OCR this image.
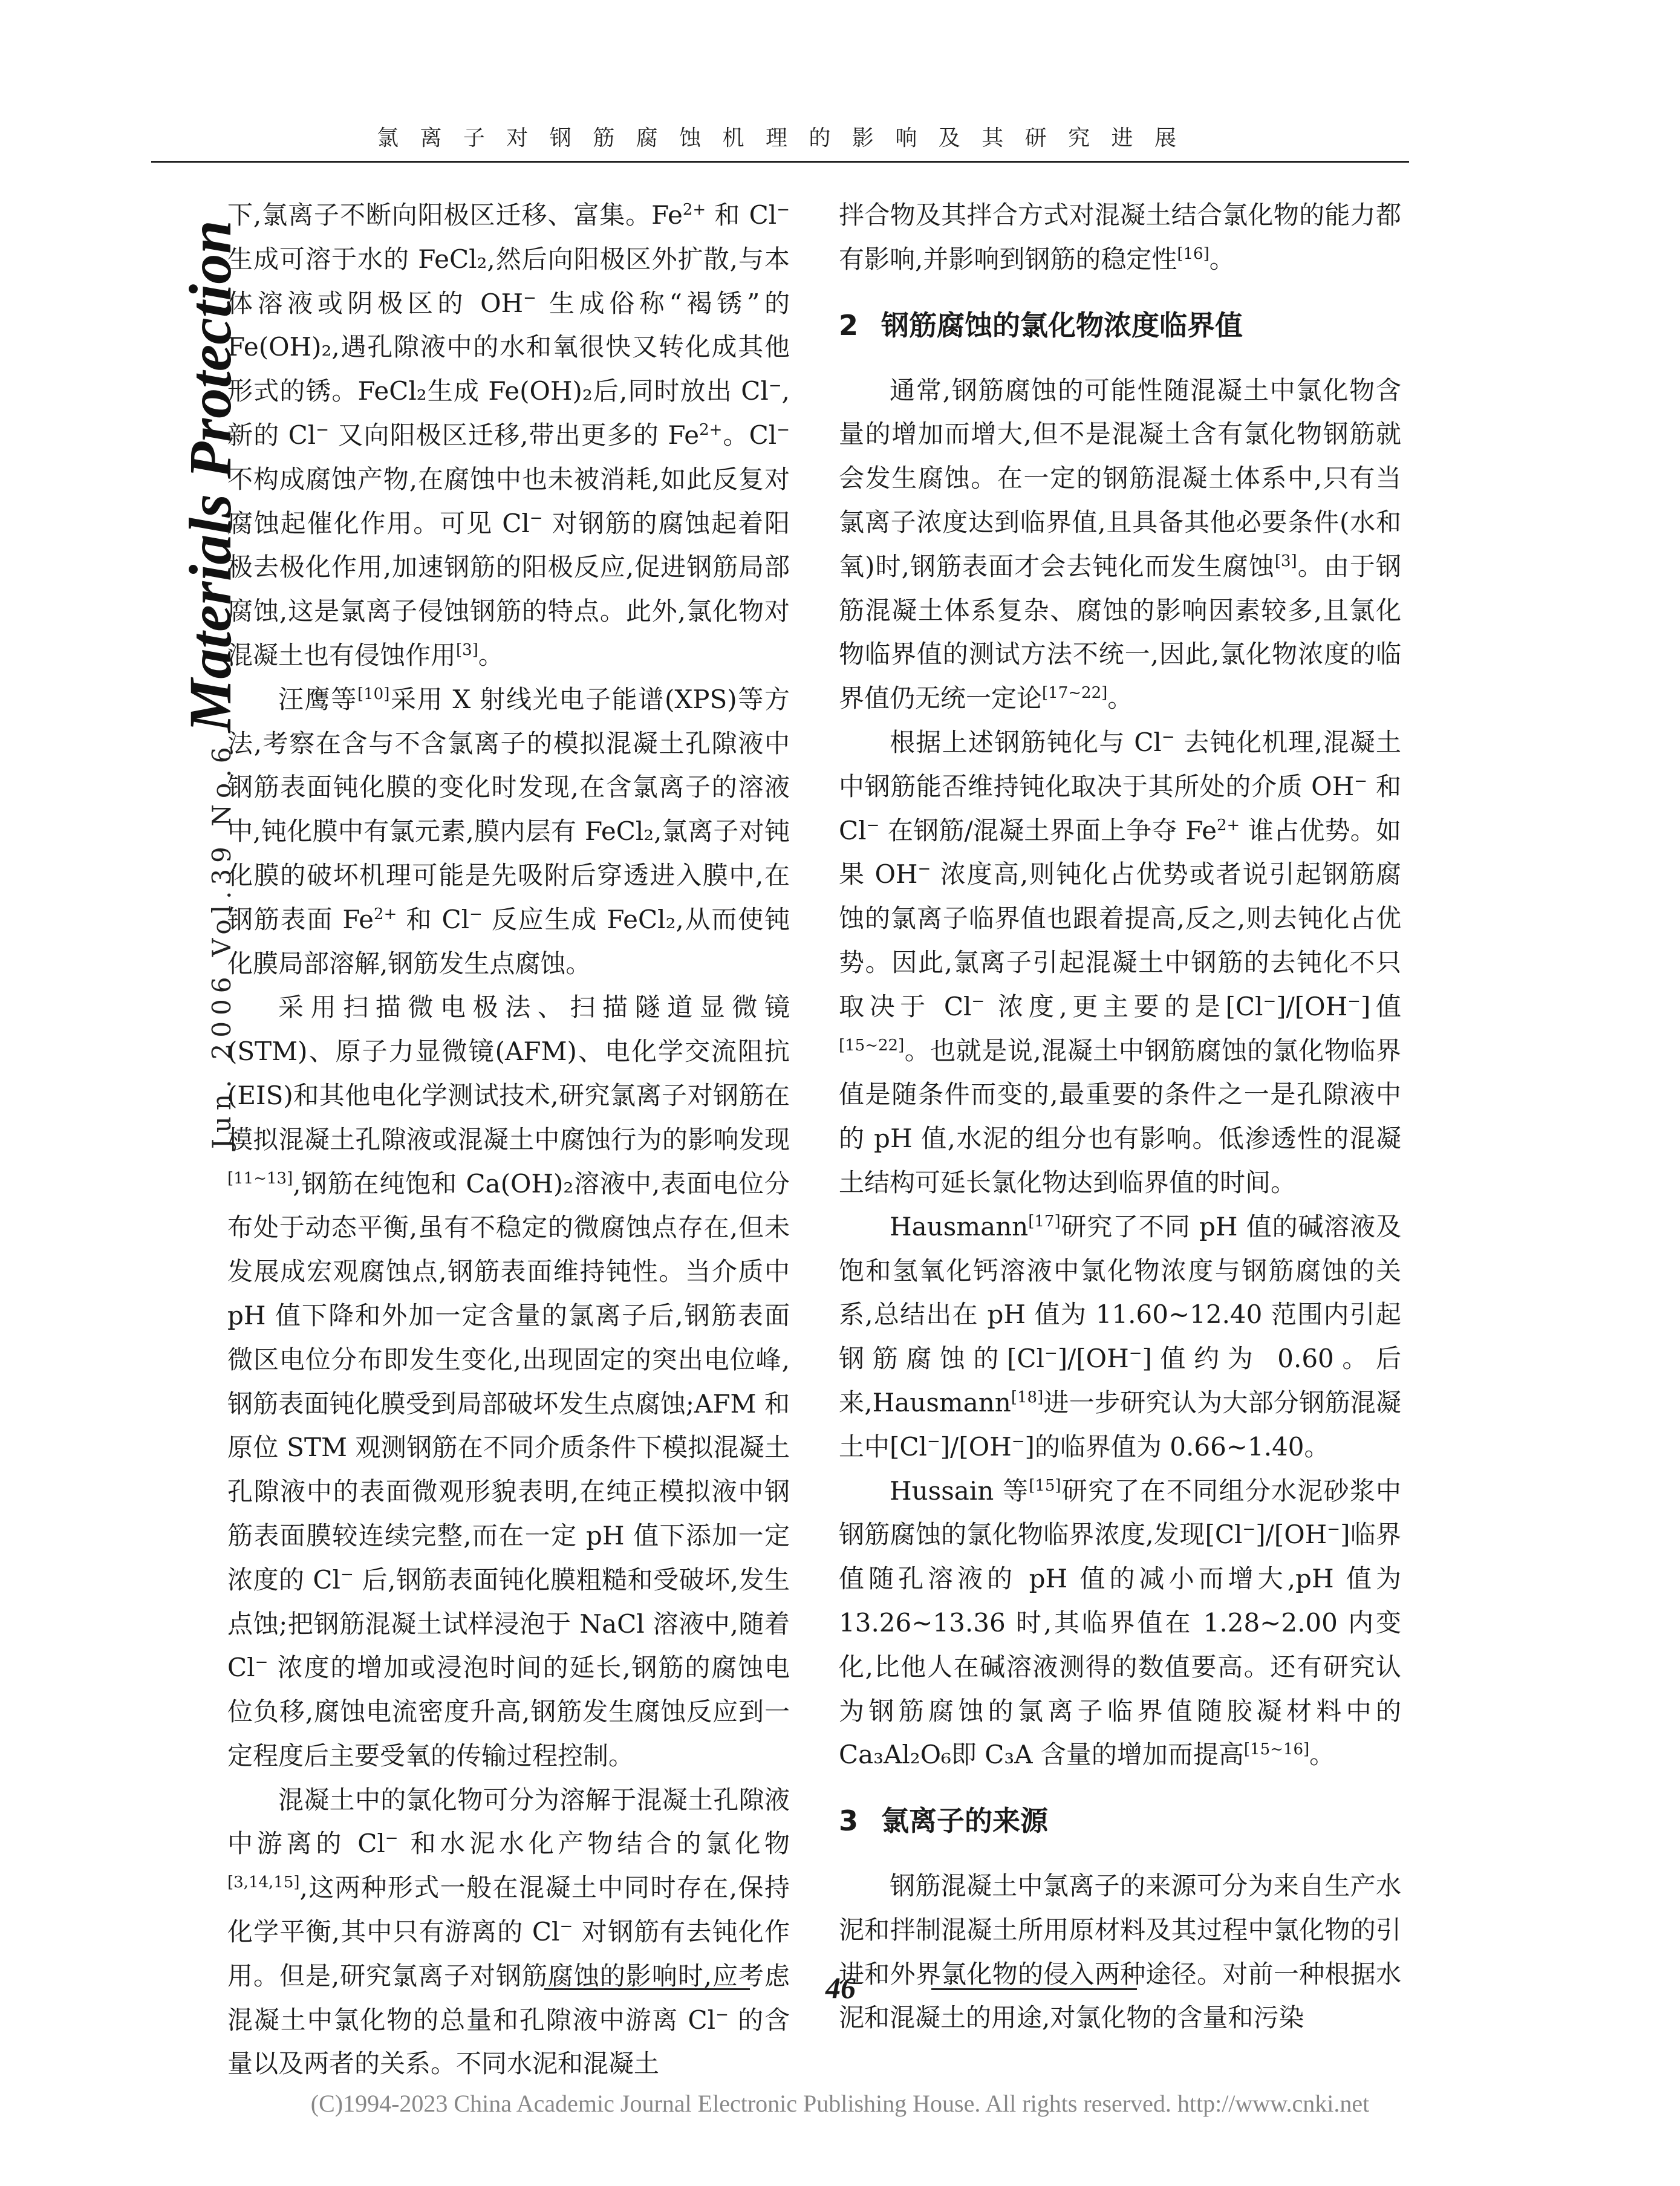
氯 离 子 对 钢 筋 腐 蚀 机 理 的 影 响 及 其 研 究 进 展
Jun. 2006 Vol.39 No.6
Materials Protection

下,氯离子不断向阳极区迁移、富集。$Fe^{2+}$ 和 Cl− 生成可溶于水的 FeCl₂,然后向阳极区外扩散,与本体溶液或阴极区的 OH− 生成俗称“褐锈”的 Fe(OH)₂,遇孔隙液中的水和氧很快又转化成其他形式的锈。FeCl₂生成 Fe(OH)₂后,同时放出 Cl−,新的 Cl− 又向阳极区迁移,带出更多的 $Fe^{2+}$。Cl− 不构成腐蚀产物,在腐蚀中也未被消耗,如此反复对腐蚀起催化作用。可见 Cl− 对钢筋的腐蚀起着阳极去极化作用,加速钢筋的阳极反应,促进钢筋局部腐蚀,这是氯离子侵蚀钢筋的特点。此外,氯化物对混凝土也有侵蚀作用[3]。

汪鹰等[10]采用 X 射线光电子能谱(XPS)等方法,考察在含与不含氯离子的模拟混凝土孔隙液中钢筋表面钝化膜的变化时发现,在含氯离子的溶液中,钝化膜中有氯元素,膜内层有 FeCl₂,氯离子对钝化膜的破坏机理可能是先吸附后穿透进入膜中,在钢筋表面 $Fe^{2+}$ 和 Cl− 反应生成 FeCl₂,从而使钝化膜局部溶解,钢筋发生点腐蚀。

采用扫描微电极法、扫描隧道显微镜(STM)、原子力显微镜(AFM)、电化学交流阻抗(EIS)和其他电化学测试技术,研究氯离子对钢筋在模拟混凝土孔隙液或混凝土中腐蚀行为的影响发现[11~13],钢筋在纯饱和 Ca(OH)₂溶液中,表面电位分布处于动态平衡,虽有不稳定的微腐蚀点存在,但未发展成宏观腐蚀点,钢筋表面维持钝性。当介质中 pH 值下降和外加一定含量的氯离子后,钢筋表面微区电位分布即发生变化,出现固定的突出电位峰,钢筋表面钝化膜受到局部破坏发生点腐蚀;AFM 和原位 STM 观测钢筋在不同介质条件下模拟混凝土孔隙液中的表面微观形貌表明,在纯正模拟液中钢筋表面膜较连续完整,而在一定 pH 值下添加一定浓度的 Cl− 后,钢筋表面钝化膜粗糙和受破坏,发生点蚀;把钢筋混凝土试样浸泡于 NaCl 溶液中,随着 Cl− 浓度的增加或浸泡时间的延长,钢筋的腐蚀电位负移,腐蚀电流密度升高,钢筋发生腐蚀反应到一定程度后主要受氧的传输过程控制。

混凝土中的氯化物可分为溶解于混凝土孔隙液中游离的 Cl− 和水泥水化产物结合的氯化物[3,14,15],这两种形式一般在混凝土中同时存在,保持化学平衡,其中只有游离的 Cl− 对钢筋有去钝化作用。但是,研究氯离子对钢筋腐蚀的影响时,应考虑混凝土中氯化物的总量和孔隙液中游离 Cl− 的含量以及两者的关系。不同水泥和混凝土

拌合物及其拌合方式对混凝土结合氯化物的能力都有影响,并影响到钢筋的稳定性[16]。

2 钢筋腐蚀的氯化物浓度临界值

通常,钢筋腐蚀的可能性随混凝土中氯化物含量的增加而增大,但不是混凝土含有氯化物钢筋就会发生腐蚀。在一定的钢筋混凝土体系中,只有当氯离子浓度达到临界值,且具备其他必要条件(水和氧)时,钢筋表面才会去钝化而发生腐蚀[3]。由于钢筋混凝土体系复杂、腐蚀的影响因素较多,且氯化物临界值的测试方法不统一,因此,氯化物浓度的临界值仍无统一定论[17~22]。

根据上述钢筋钝化与 Cl− 去钝化机理,混凝土中钢筋能否维持钝化取决于其所处的介质 OH− 和 Cl− 在钢筋/混凝土界面上争夺 $Fe^{2+}$ 谁占优势。如果 OH− 浓度高,则钝化占优势或者说引起钢筋腐蚀的氯离子临界值也跟着提高,反之,则去钝化占优势。因此,氯离子引起混凝土中钢筋的去钝化不只取决于 Cl− 浓度,更主要的是[Cl−]/[OH−]值[15~22]。也就是说,混凝土中钢筋腐蚀的氯化物临界值是随条件而变的,最重要的条件之一是孔隙液中的 pH 值,水泥的组分也有影响。低渗透性的混凝土结构可延长氯化物达到临界值的时间。

Hausmann[17]研究了不同 pH 值的碱溶液及饱和氢氧化钙溶液中氯化物浓度与钢筋腐蚀的关系,总结出在 pH 值为 11.60~12.40 范围内引起钢筋腐蚀的[Cl−]/[OH−]值约为 0.60。后来,Hausmann[18]进一步研究认为大部分钢筋混凝土中[Cl−]/[OH−]的临界值为 0.66~1.40。

Hussain 等[15]研究了在不同组分水泥砂浆中钢筋腐蚀的氯化物临界浓度,发现[Cl−]/[OH−]临界值随孔溶液的 pH 值的减小而增大,pH 值为 13.26~13.36 时,其临界值在 1.28~2.00 内变化,比他人在碱溶液测得的数值要高。还有研究认为钢筋腐蚀的氯离子临界值随胶凝材料中的 Ca₃Al₂O₆即 C₃A 含量的增加而提高[15~16]。

3 氯离子的来源

钢筋混凝土中氯离子的来源可分为来自生产水泥和拌制混凝土所用原材料及其过程中氯化物的引进和外界氯化物的侵入两种途径。对前一种根据水泥和混凝土的用途,对氯化物的含量和污染

46
(C)1994-2023 China Academic Journal Electronic Publishing House. All rights reserved. http://www.cnki.net
